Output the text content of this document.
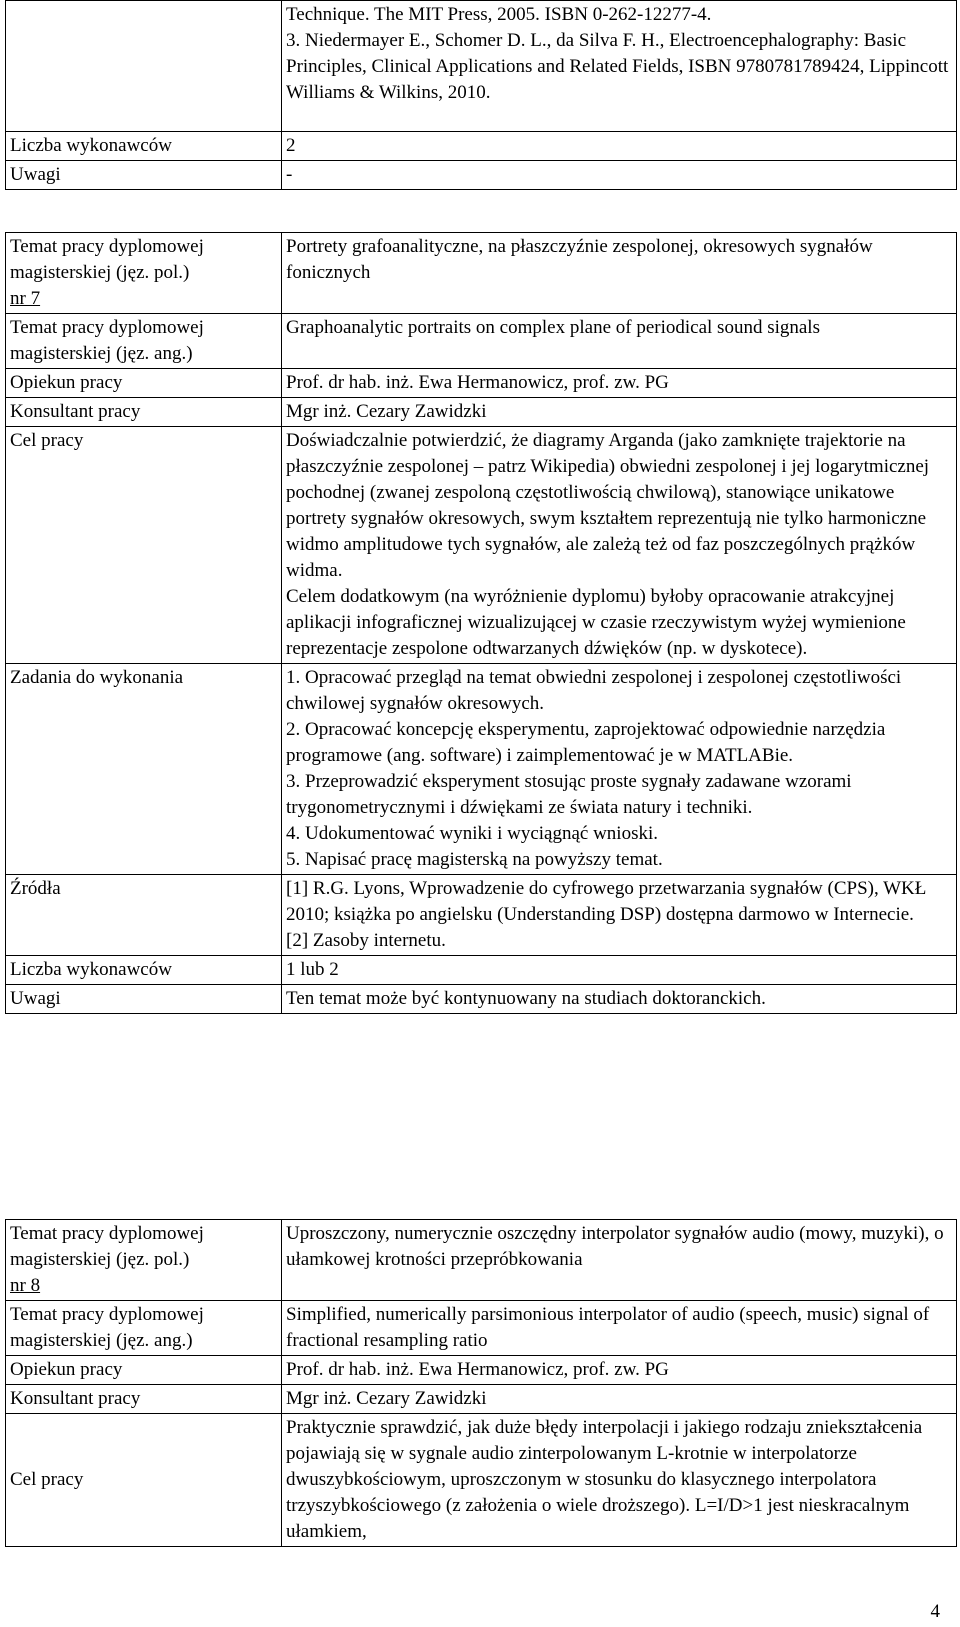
	Technique. The MIT Press, 2005. ISBN 0-262-12277-4.
3. Niedermayer E., Schomer D. L., da Silva F. H., Electroencephalography: Basic Principles, Clinical Applications and Related Fields, ISBN 9780781789424, Lippincott Williams & Wilkins, 2010.

Liczba wykonawców	2
Uwagi	-
Temat pracy dyplomowej
magisterskiej (jęz. pol.)
nr 7	Portrety grafoanalityczne, na płaszczyźnie zespolonej, okresowych sygnałów fonicznych

Temat pracy dyplomowej
magisterskiej (jęz. ang.)	Graphoanalytic portraits on complex plane of periodical sound signals
Opiekun pracy	Prof. dr hab. inż. Ewa Hermanowicz, prof. zw. PG
Konsultant pracy	Mgr inż. Cezary Zawidzki
Cel pracy	Doświadczalnie potwierdzić, że diagramy Arganda (jako zamknięte trajektorie na płaszczyźnie zespolonej – patrz Wikipedia) obwiedni zespolonej i jej logarytmicznej pochodnej (zwanej zespoloną częstotliwością chwilową), stanowiące unikatowe portrety sygnałów okresowych, swym kształtem reprezentują nie tylko harmoniczne widmo amplitudowe tych sygnałów, ale zależą też od faz poszczególnych prążków widma.
Celem dodatkowym (na wyróżnienie dyplomu) byłoby opracowanie atrakcyjnej aplikacji infograficznej wizualizującej w czasie rzeczywistym wyżej wymienione reprezentacje zespolone odtwarzanych dźwięków (np. w dyskotece).

Zadania do wykonania	1. Opracować przegląd na temat obwiedni zespolonej i zespolonej częstotliwości chwilowej sygnałów okresowych.
2. Opracować koncepcję eksperymentu, zaprojektować odpowiednie narzędzia programowe (ang. software) i zaimplementować je w MATLABie.
3. Przeprowadzić eksperyment stosując proste sygnały zadawane wzorami trygonometrycznymi i dźwiękami ze świata natury i techniki.
4. Udokumentować wyniki i wyciągnąć wnioski.
5. Napisać pracę magisterską na powyższy temat.

Źródła	[1] R.G. Lyons, Wprowadzenie do cyfrowego przetwarzania sygnałów (CPS), WKŁ 2010; książka po angielsku (Understanding DSP) dostępna darmowo w Internecie.
[2] Zasoby internetu.

Liczba wykonawców	1 lub 2
Uwagi	Ten temat może być kontynuowany na studiach doktoranckich.
Temat pracy dyplomowej
magisterskiej (jęz. pol.)
nr 8	Uproszczony, numerycznie oszczędny interpolator sygnałów audio (mowy, muzyki), o ułamkowej krotności przepróbkowania

Temat pracy dyplomowej
magisterskiej (jęz. ang.)	Simplified, numerically parsimonious interpolator of audio (speech, music) signal of fractional resampling ratio
Opiekun pracy	Prof. dr hab. inż. Ewa Hermanowicz, prof. zw. PG
Konsultant pracy	Mgr inż. Cezary Zawidzki
Cel pracy	Praktycznie sprawdzić, jak duże błędy interpolacji i jakiego rodzaju zniekształcenia pojawiają się w sygnale audio zinterpolowanym L-krotnie w interpolatorze dwuszybkościowym, uproszczonym w stosunku do klasycznego interpolatora trzyszybkościowego (z założenia o wiele droższego). L=I/D>1 jest nieskracalnym ułamkiem,
4
